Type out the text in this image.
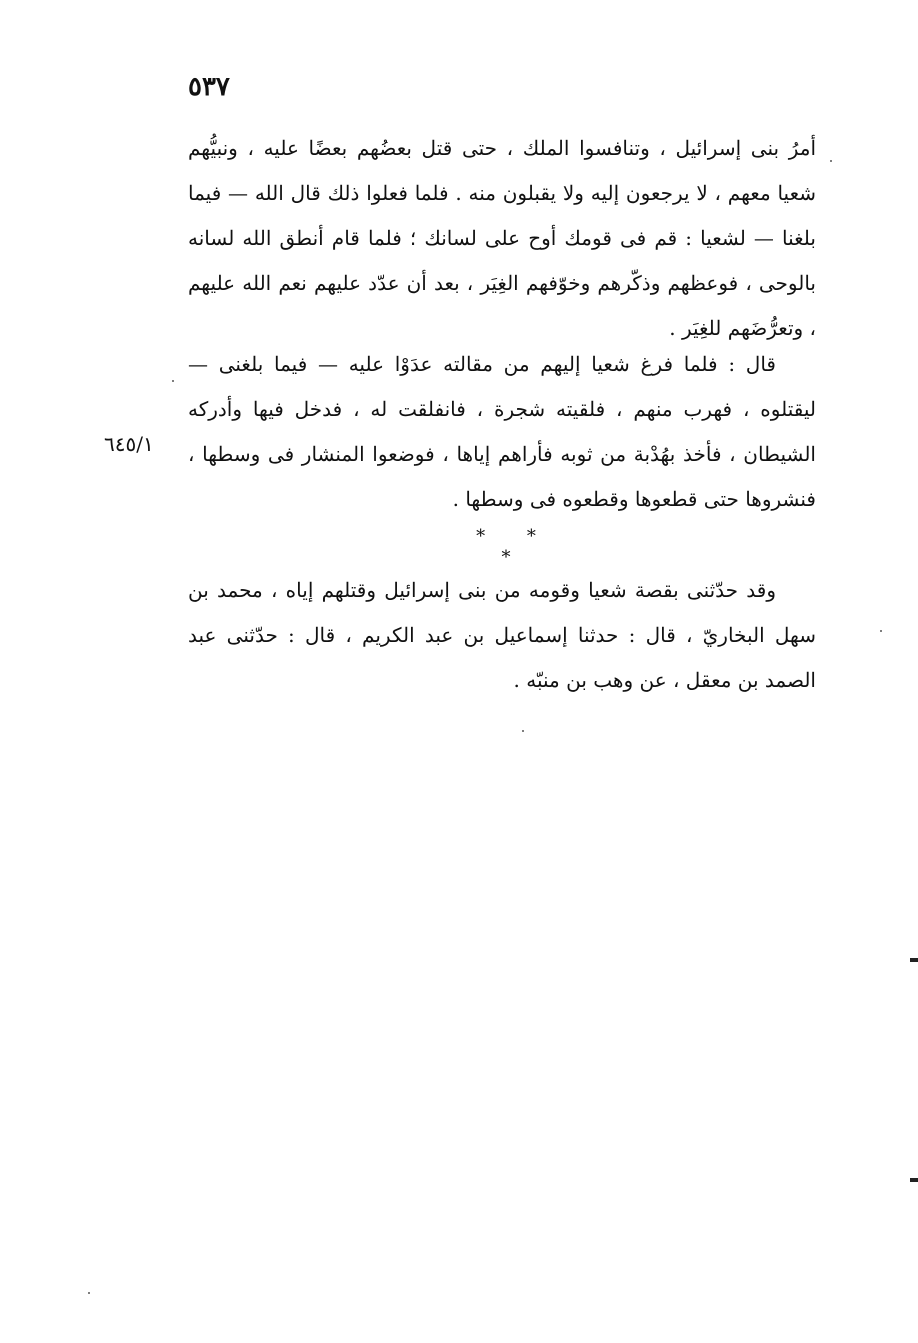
٥٣٧

أمرُ بنى إسرائيل ، وتنافسوا الملك ، حتى قتل بعضُهم بعضًا عليه ، ونبيُّهم شعيا معهم ، لا يرجعون إليه ولا يقبلون منه . فلما فعلوا ذلك قال الله — فيما بلغنا — لشعيا : قم فى قومك أوح على لسانك ؛ فلما قام أنطق الله لسانه بالوحى ، فوعظهم وذكّرهم وخوّفهم الغِيَر ، بعد أن عدّد عليهم نعم الله عليهم ، وتعرُّضَهم للغِيَر .

قال : فلما فرغ شعيا إليهم من مقالته عدَوْا عليه — فيما بلغنى — ليقتلوه ، فهرب منهم ، فلقيته شجرة ، فانفلقت له ، فدخل فيها وأدركه الشيطان ، فأخذ بهُدْبة من ثوبه فأراهم إياها ، فوضعوا المنشار فى وسطها ، فنشروها حتى قطعوها وقطعوه فى وسطها .

٦٤٥/١
* * *

وقد حدّثنى بقصة شعيا وقومه من بنى إسرائيل وقتلهم إياه ، محمد بن سهل البخاريّ ، قال : حدثنا إسماعيل بن عبد الكريم ، قال : حدّثنى عبد الصمد بن معقل ، عن وهب بن منبّه .
